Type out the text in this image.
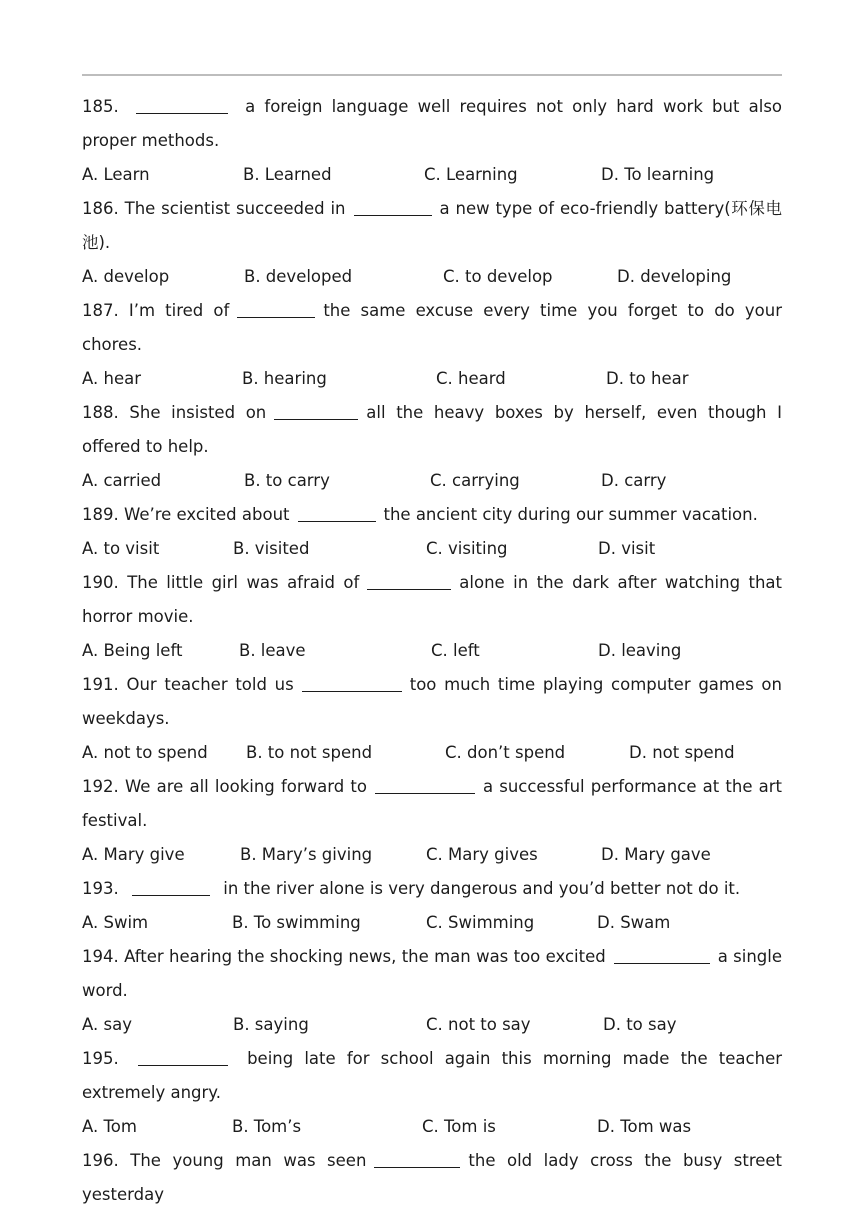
185.	a foreign language well requires not only hard work but also proper methods.

A. Learn	B. Learned	C. Learning	D. To learning

186. The scientist succeeded in	a new type of eco-friendly battery(环保电池).

A. develop	B. developed	C. to develop	D. developing

187. I’m tired of	the same excuse every time you forget to do your chores.

A. hear	B. hearing	C. heard	D. to hear

188. She insisted on	all the heavy boxes by herself, even though I offered to help.

A. carried	B. to carry	C. carrying	D. carry

189. We’re excited about	the ancient city during our summer vacation.

A. to visit	B. visited	C. visiting	D. visit

190. The little girl was afraid of	alone in the dark after watching that horror movie.

A. Being left	B. leave	C. left	D. leaving

191. Our teacher told us	too much time playing computer games on weekdays.

A. not to spend B. to not spend	C. don’t spend	D. not spend

192. We are all looking forward to	a successful performance at the art festival.

A. Mary give	B. Mary’s giving	C. Mary gives	D. Mary gave

193.	in the river alone is very dangerous and you’d better not do it.

A. Swim	B. To swimming	C. Swimming	D. Swam

194. After hearing the shocking news, the man was too excited	a single word.

A. say	B. saying	C. not to say	D. to say

195.	being late for school again this morning made the teacher extremely angry.

A. Tom	B. Tom’s	C. Tom is	D. Tom was

196. The young man was seen	the old lady cross the busy street yesterday
